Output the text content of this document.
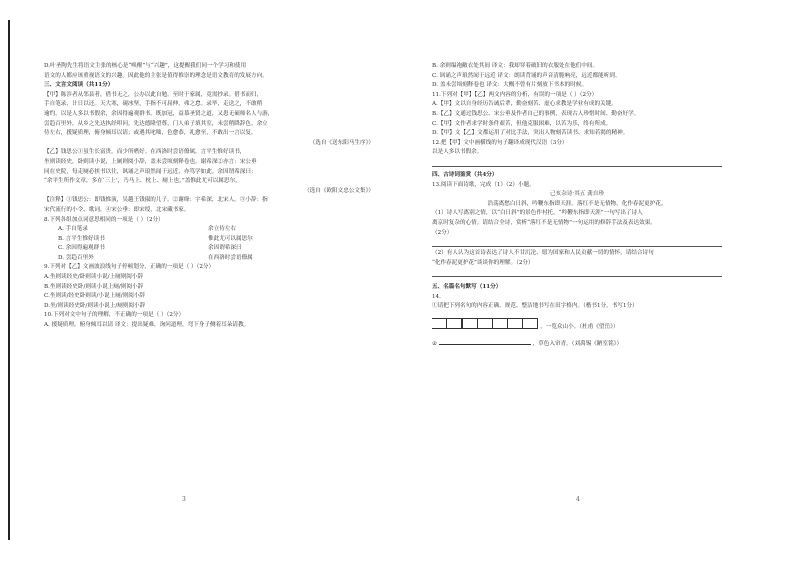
D.叶圣陶先生将语文主张的核心是“唤醒”与“兴趣”，这提醒我们同一个学习和使用
语文的人都应该重视语文的兴趣。因此他的主张是值得推崇的理念是语文教育的发展方向。
三、文言文阅读（共11分）
【甲】陈涉者从邻县者，借书无之，公办以此自勉。至时于家属，竟需抄录。借书而归，
手自笔录，计日以还。天大寒，砚冰坚，手指不可屈伸，弗之怠。录毕，走送之，不敢稍
逾约。以是人多以书假余，余因得遍观群书。既加冠，益慕圣贤之道，又患无硕师名人与游，
尝趋百里外，从乡之先达执经叩问。先达德隆望尊，门人弟子填其室，未尝稍降辞色。余立
侍左右，援疑质理，俯身倾耳以请；或遇其叱咄，色愈恭，礼愈至，不敢出一言以复。
（选自《送东阳马生序》）
【乙】钱思公①虽生长富贵，而少所嗜好。在西洛时尝语僚属，言平生惟好读书，
坐则读经史，卧则读小说，上厕则阅小辞，盖未尝顷刻释卷也。谢希深②亦言：宋公垂
同在史院，每走厕必挟书以往，讽诵之声琅然闻于远近，亦笃学如此。余因谓希深曰：
“余平生所作文章，多在‘三上’，乃马上、枕上、厕上也。”盖惟此尤可以属思尔。
（选自《欧阳文忠公文集》）
【注释】①钱思公：即钱惟演，吴越王钱俶的儿子。②谢绛：字希深，北宋人。③小辞：指
宋代流行的小令、歌词。④宋公垂：即宋绶，北宋藏书家。
8.下列各组加点词意思相同的一项是（ ）（2分）
A. 手自笔录	余立侍左右
B. 言平生惟好读书	惟此尤可以属思尔
C. 余因得遍观群书	余因谓希深曰
D. 尝趋百里外	在西洛时尝语僚属
9.下列对【乙】文画波浪线句子停顿划分，正确的一项是（ ）（2分）
A.坐则读经史/卧则读小说/上厕则阅小辞
B.坐则读经史卧/则读小说上厕/则阅小辞
C.坐则读/经史卧则读/小说上厕/则阅小辞
D.坐/则读经史卧/则读小说上/厕则阅小辞
10.下列对文中句子的理解，不正确的一项是（ ）（2分）
A. 援疑质理，俯身倾耳以请 译文：提出疑难，询问道理，弯下身子侧着耳朵请教。
3
B. 余则缊袍敝衣处其间 译文：我却穿着破旧的衣服处在他们中间。
C. 讽诵之声琅然闻于远近 译文：朗读背诵的声音清脆响亮，远近都能听到。
D. 盖未尝顷刻释卷也 译文：大概不曾有片刻放下书本的时候。
11.下列对【甲】【乙】两文内容的分析，有误的一项是（ ）（2分）
A.【甲】文以自身经历告诫后辈，勤奋刻苦、虚心求教是学业有成的关键。
B.【乙】文通过钱思公、宋公垂及作者自己的事例，表现古人珍惜时间、勤奋好学。
C.【甲】文作者求学时条件艰苦，但他克服困难，以苦为乐，终有所成。
D.【甲】文【乙】文都运用了对比手法，突出人物刻苦读书、求知若渴的精神。
12.把【甲】文中画横线的句子翻译成现代汉语（3分）
以是人多以书假余。
四、古诗词鉴赏（共4分）
13.阅读下面诗歌，完成（1）（2）小题。
己亥杂诗·其五 龚自珍
浩荡离愁白日斜，吟鞭东指即天涯。落红不是无情物，化作春泥更护花。
（1）诗人写离别之情，以“白日斜”的景色作衬托，“吟鞭东指即天涯”一句写出了诗人
离京时复杂的心情。请结合全诗，赏析“落红不是无情物”一句运用的修辞手法及表达效果。
（2分）
（2）有人认为这首诗表达了诗人不甘沉沦、愿为国家和人民贡献一切的情怀，请结合诗句
“化作春泥更护花”谈谈你的理解。（2分）
五、名篇名句默写（11分）
14.
①请把下列名句的内容正确、规范、整洁地书写在田字格内。（楷书1分，书写1分）
，一览众山小。（杜甫《望岳》）
②	，草色入帘青。（刘禹锡《陋室铭》）
4
